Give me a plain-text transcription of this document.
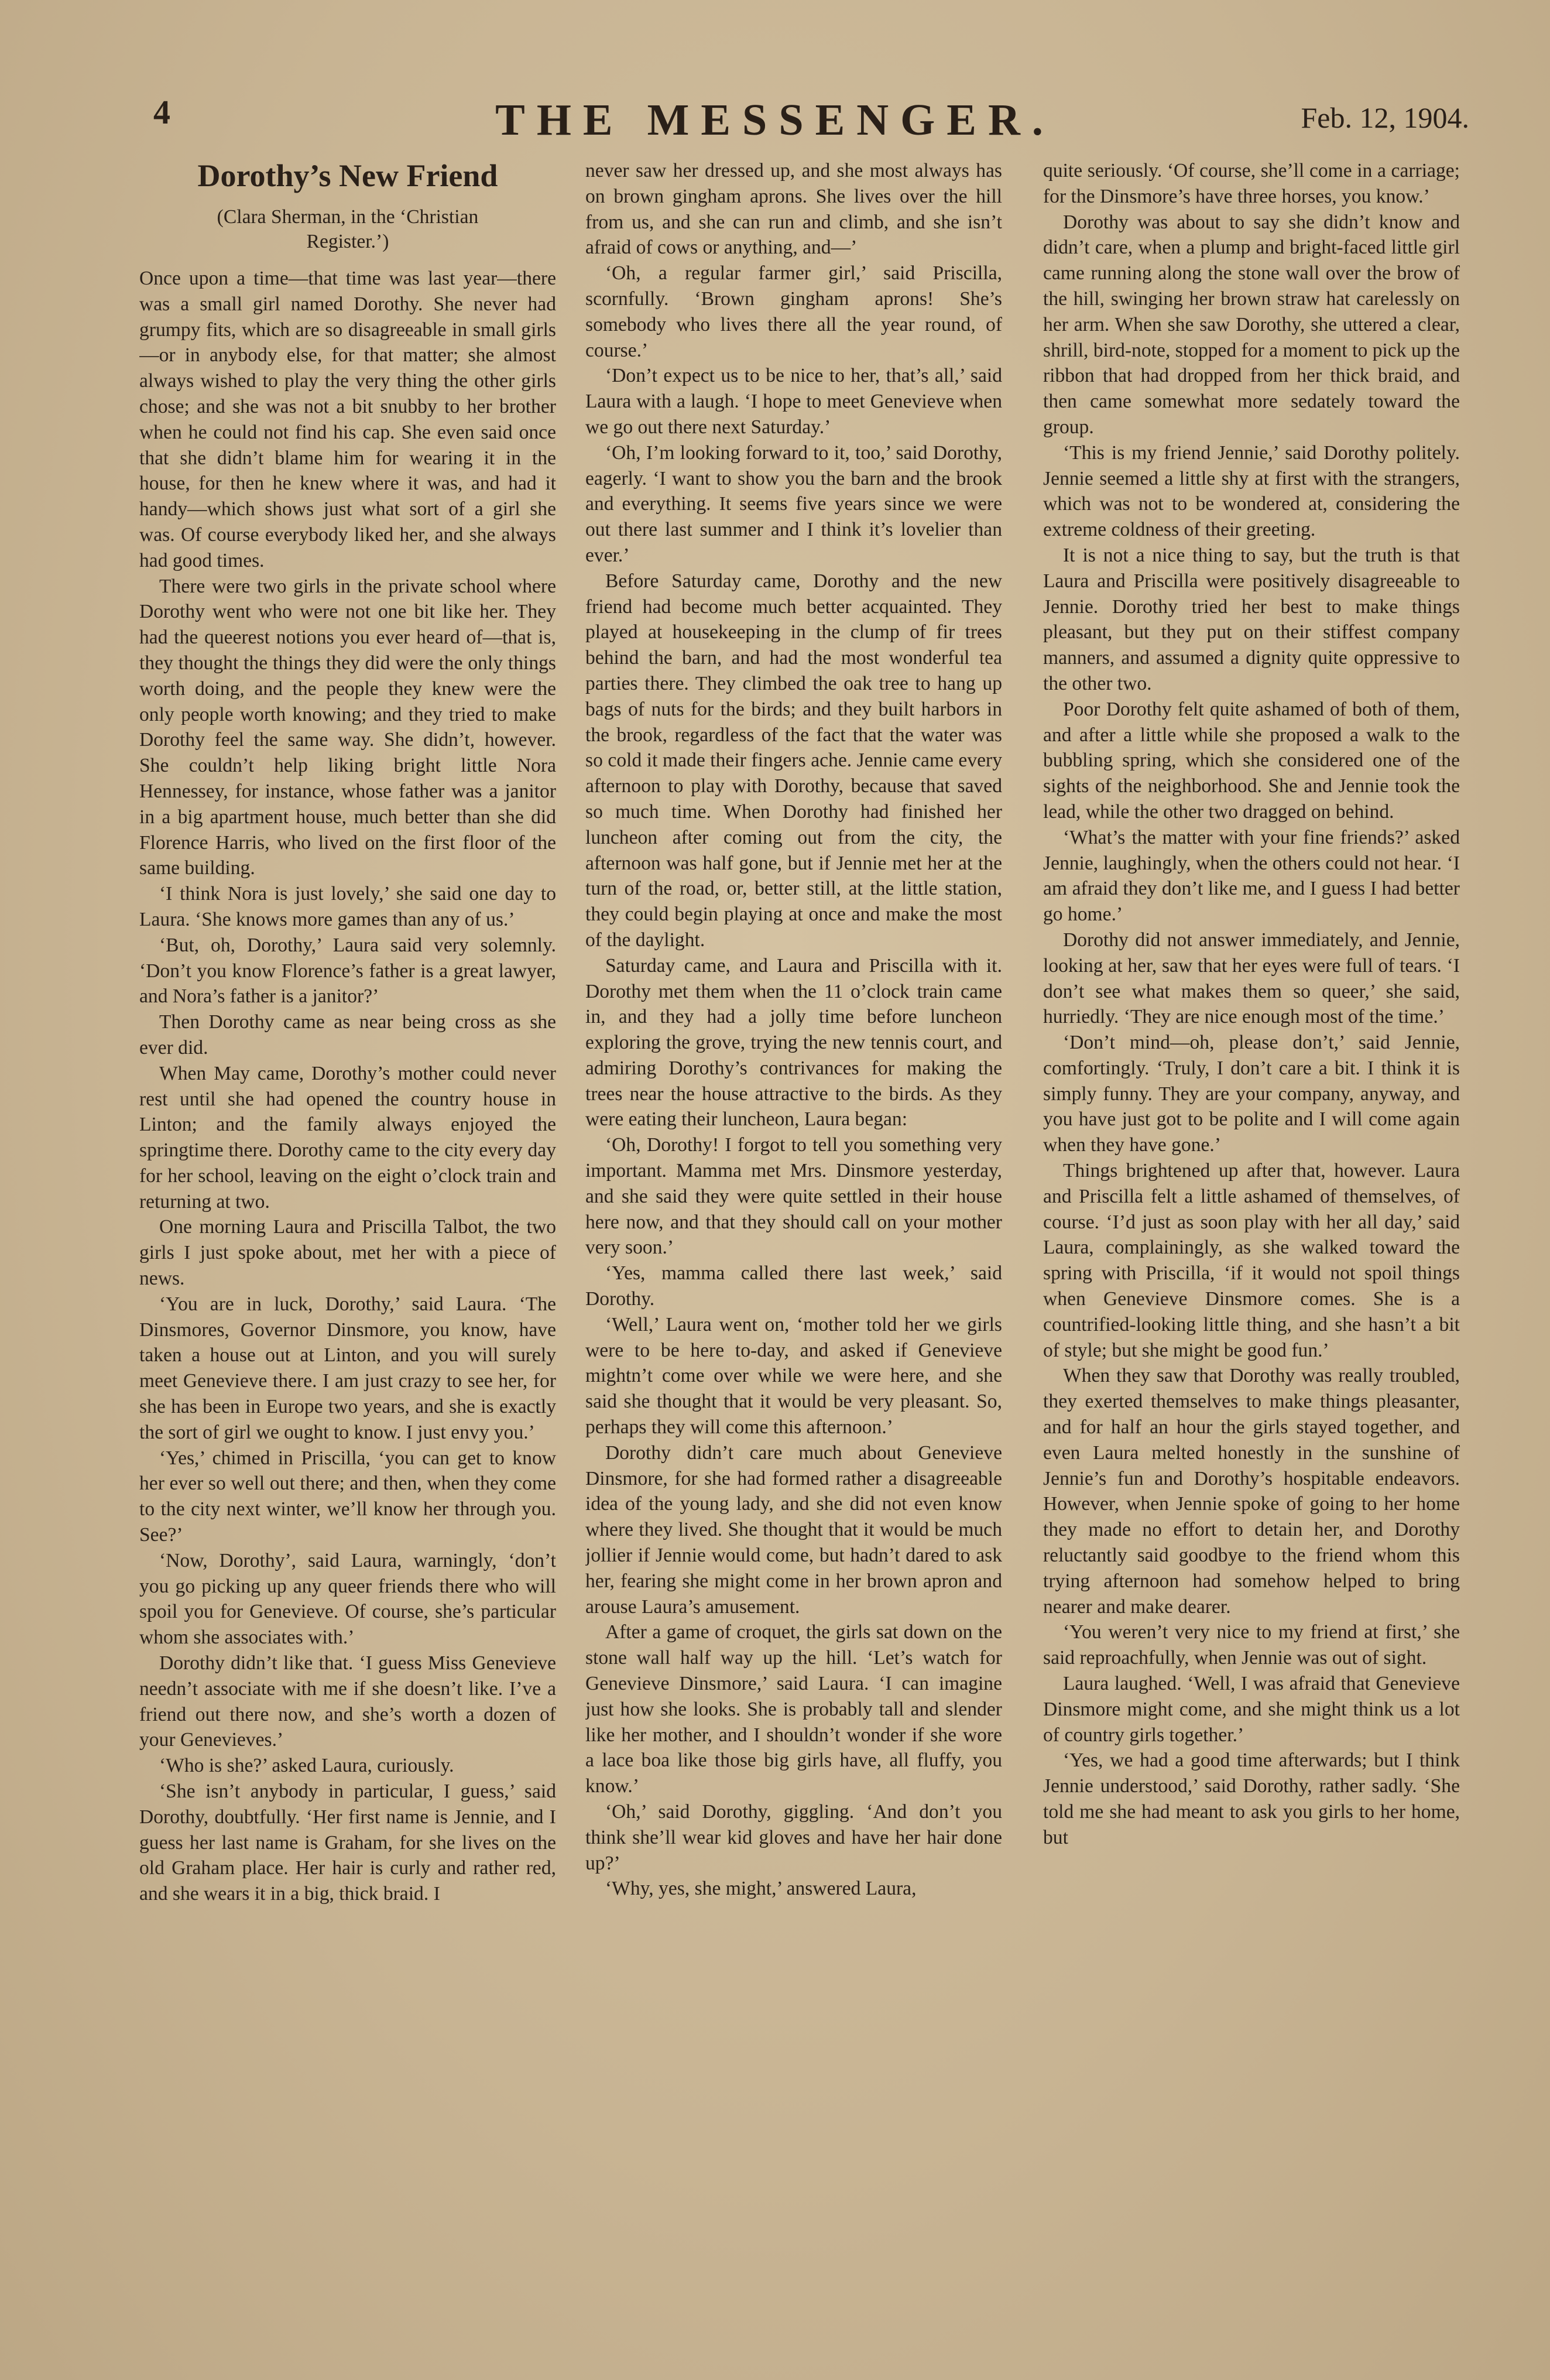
4	THE MESSENGER.	Feb. 12, 1904.
Dorothy’s New Friend
(Clara Sherman, in the ‘Christian Register.’)

Once upon a time—that time was last year—there was a small girl named Dorothy. She never had grumpy fits, which are so disagreeable in small girls—or in anybody else, for that matter; she almost always wished to play the very thing the other girls chose; and she was not a bit snubby to her brother when he could not find his cap. She even said once that she didn’t blame him for wearing it in the house, for then he knew where it was, and had it handy—which shows just what sort of a girl she was. Of course everybody liked her, and she always had good times.

There were two girls in the private school where Dorothy went who were not one bit like her. They had the queerest notions you ever heard of—that is, they thought the things they did were the only things worth doing, and the people they knew were the only people worth knowing; and they tried to make Dorothy feel the same way. She didn’t, however. She couldn’t help liking bright little Nora Hennessey, for instance, whose father was a janitor in a big apartment house, much better than she did Florence Harris, who lived on the first floor of the same building.

‘I think Nora is just lovely,’ she said one day to Laura. ‘She knows more games than any of us.’

‘But, oh, Dorothy,’ Laura said very solemnly. ‘Don’t you know Florence’s father is a great lawyer, and Nora’s father is a janitor?’

Then Dorothy came as near being cross as she ever did.

When May came, Dorothy’s mother could never rest until she had opened the country house in Linton; and the family always enjoyed the springtime there. Dorothy came to the city every day for her school, leaving on the eight o’clock train and returning at two.

One morning Laura and Priscilla Talbot, the two girls I just spoke about, met her with a piece of news.

‘You are in luck, Dorothy,’ said Laura. ‘The Dinsmores, Governor Dinsmore, you know, have taken a house out at Linton, and you will surely meet Genevieve there. I am just crazy to see her, for she has been in Europe two years, and she is exactly the sort of girl we ought to know. I just envy you.’

‘Yes,’ chimed in Priscilla, ‘you can get to know her ever so well out there; and then, when they come to the city next winter, we’ll know her through you. See?’

‘Now, Dorothy’, said Laura, warningly, ‘don’t you go picking up any queer friends there who will spoil you for Genevieve. Of course, she’s particular whom she associates with.’

Dorothy didn’t like that. ‘I guess Miss Genevieve needn’t associate with me if she doesn’t like. I’ve a friend out there now, and she’s worth a dozen of your Genevieves.’

‘Who is she?’ asked Laura, curiously.

‘She isn’t anybody in particular, I guess,’ said Dorothy, doubtfully. ‘Her first name is Jennie, and I guess her last name is Graham, for she lives on the old Graham place. Her hair is curly and rather red, and she wears it in a big, thick braid. I

never saw her dressed up, and she most always has on brown gingham aprons. She lives over the hill from us, and she can run and climb, and she isn’t afraid of cows or anything, and—’

‘Oh, a regular farmer girl,’ said Priscilla, scornfully. ‘Brown gingham aprons! She’s somebody who lives there all the year round, of course.’

‘Don’t expect us to be nice to her, that’s all,’ said Laura with a laugh. ‘I hope to meet Genevieve when we go out there next Saturday.’

‘Oh, I’m looking forward to it, too,’ said Dorothy, eagerly. ‘I want to show you the barn and the brook and everything. It seems five years since we were out there last summer and I think it’s lovelier than ever.’

Before Saturday came, Dorothy and the new friend had become much better acquainted. They played at housekeeping in the clump of fir trees behind the barn, and had the most wonderful tea parties there. They climbed the oak tree to hang up bags of nuts for the birds; and they built harbors in the brook, regardless of the fact that the water was so cold it made their fingers ache. Jennie came every afternoon to play with Dorothy, because that saved so much time. When Dorothy had finished her luncheon after coming out from the city, the afternoon was half gone, but if Jennie met her at the turn of the road, or, better still, at the little station, they could begin playing at once and make the most of the daylight.

Saturday came, and Laura and Priscilla with it. Dorothy met them when the 11 o’clock train came in, and they had a jolly time before luncheon exploring the grove, trying the new tennis court, and admiring Dorothy’s contrivances for making the trees near the house attractive to the birds. As they were eating their luncheon, Laura began:

‘Oh, Dorothy! I forgot to tell you something very important. Mamma met Mrs. Dinsmore yesterday, and she said they were quite settled in their house here now, and that they should call on your mother very soon.’

‘Yes, mamma called there last week,’ said Dorothy.

‘Well,’ Laura went on, ‘mother told her we girls were to be here to-day, and asked if Genevieve mightn’t come over while we were here, and she said she thought that it would be very pleasant. So, perhaps they will come this afternoon.’

Dorothy didn’t care much about Genevieve Dinsmore, for she had formed rather a disagreeable idea of the young lady, and she did not even know where they lived. She thought that it would be much jollier if Jennie would come, but hadn’t dared to ask her, fearing she might come in her brown apron and arouse Laura’s amusement.

After a game of croquet, the girls sat down on the stone wall half way up the hill. ‘Let’s watch for Genevieve Dinsmore,’ said Laura. ‘I can imagine just how she looks. She is probably tall and slender like her mother, and I shouldn’t wonder if she wore a lace boa like those big girls have, all fluffy, you know.’

‘Oh,’ said Dorothy, giggling. ‘And don’t you think she’ll wear kid gloves and have her hair done up?’

‘Why, yes, she might,’ answered Laura,

quite seriously. ‘Of course, she’ll come in a carriage; for the Dinsmore’s have three horses, you know.’

Dorothy was about to say she didn’t know and didn’t care, when a plump and bright-faced little girl came running along the stone wall over the brow of the hill, swinging her brown straw hat carelessly on her arm. When she saw Dorothy, she uttered a clear, shrill, bird-note, stopped for a moment to pick up the ribbon that had dropped from her thick braid, and then came somewhat more sedately toward the group.

‘This is my friend Jennie,’ said Dorothy politely. Jennie seemed a little shy at first with the strangers, which was not to be wondered at, considering the extreme coldness of their greeting.

It is not a nice thing to say, but the truth is that Laura and Priscilla were positively disagreeable to Jennie. Dorothy tried her best to make things pleasant, but they put on their stiffest company manners, and assumed a dignity quite oppressive to the other two.

Poor Dorothy felt quite ashamed of both of them, and after a little while she proposed a walk to the bubbling spring, which she considered one of the sights of the neighborhood. She and Jennie took the lead, while the other two dragged on behind.

‘What’s the matter with your fine friends?’ asked Jennie, laughingly, when the others could not hear. ‘I am afraid they don’t like me, and I guess I had better go home.’

Dorothy did not answer immediately, and Jennie, looking at her, saw that her eyes were full of tears. ‘I don’t see what makes them so queer,’ she said, hurriedly. ‘They are nice enough most of the time.’

‘Don’t mind—oh, please don’t,’ said Jennie, comfortingly. ‘Truly, I don’t care a bit. I think it is simply funny. They are your company, anyway, and you have just got to be polite and I will come again when they have gone.’

Things brightened up after that, however. Laura and Priscilla felt a little ashamed of themselves, of course. ‘I’d just as soon play with her all day,’ said Laura, complainingly, as she walked toward the spring with Priscilla, ‘if it would not spoil things when Genevieve Dinsmore comes. She is a countrified-looking little thing, and she hasn’t a bit of style; but she might be good fun.’

When they saw that Dorothy was really troubled, they exerted themselves to make things pleasanter, and for half an hour the girls stayed together, and even Laura melted honestly in the sunshine of Jennie’s fun and Dorothy’s hospitable endeavors. However, when Jennie spoke of going to her home they made no effort to detain her, and Dorothy reluctantly said goodbye to the friend whom this trying afternoon had somehow helped to bring nearer and make dearer.

‘You weren’t very nice to my friend at first,’ she said reproachfully, when Jennie was out of sight.

Laura laughed. ‘Well, I was afraid that Genevieve Dinsmore might come, and she might think us a lot of country girls together.’

‘Yes, we had a good time afterwards; but I think Jennie understood,’ said Dorothy, rather sadly. ‘She told me she had meant to ask you girls to her home, but
